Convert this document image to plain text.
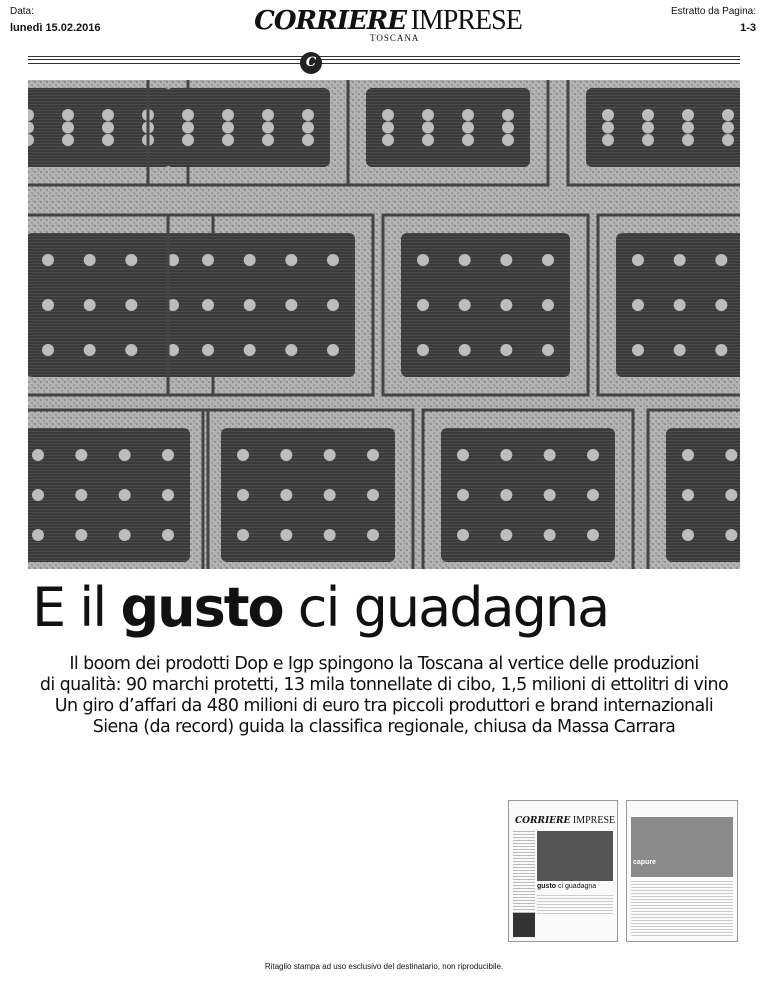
Data:
lunedì 15.02.2016	CORRIERE IMPRESE
TOSCANA
Estratto da Pagina:
1-3
C
E il gusto ci guadagna
Il boom dei prodotti Dop e Igp spingono la Toscana al vertice delle produzioni
di qualità: 90 marchi protetti, 13 mila tonnellate di cibo, 1,5 milioni di ettolitri di vino
Un giro d’affari da 480 milioni di euro tra piccoli produttori e brand internazionali
Siena (da record) guida la classifica regionale, chiusa da Massa Carrara
CORRIERE IMPRESE
gusto ci guadagna
capure
Ritaglio stampa ad uso esclusivo del destinatario, non riproducibile.
